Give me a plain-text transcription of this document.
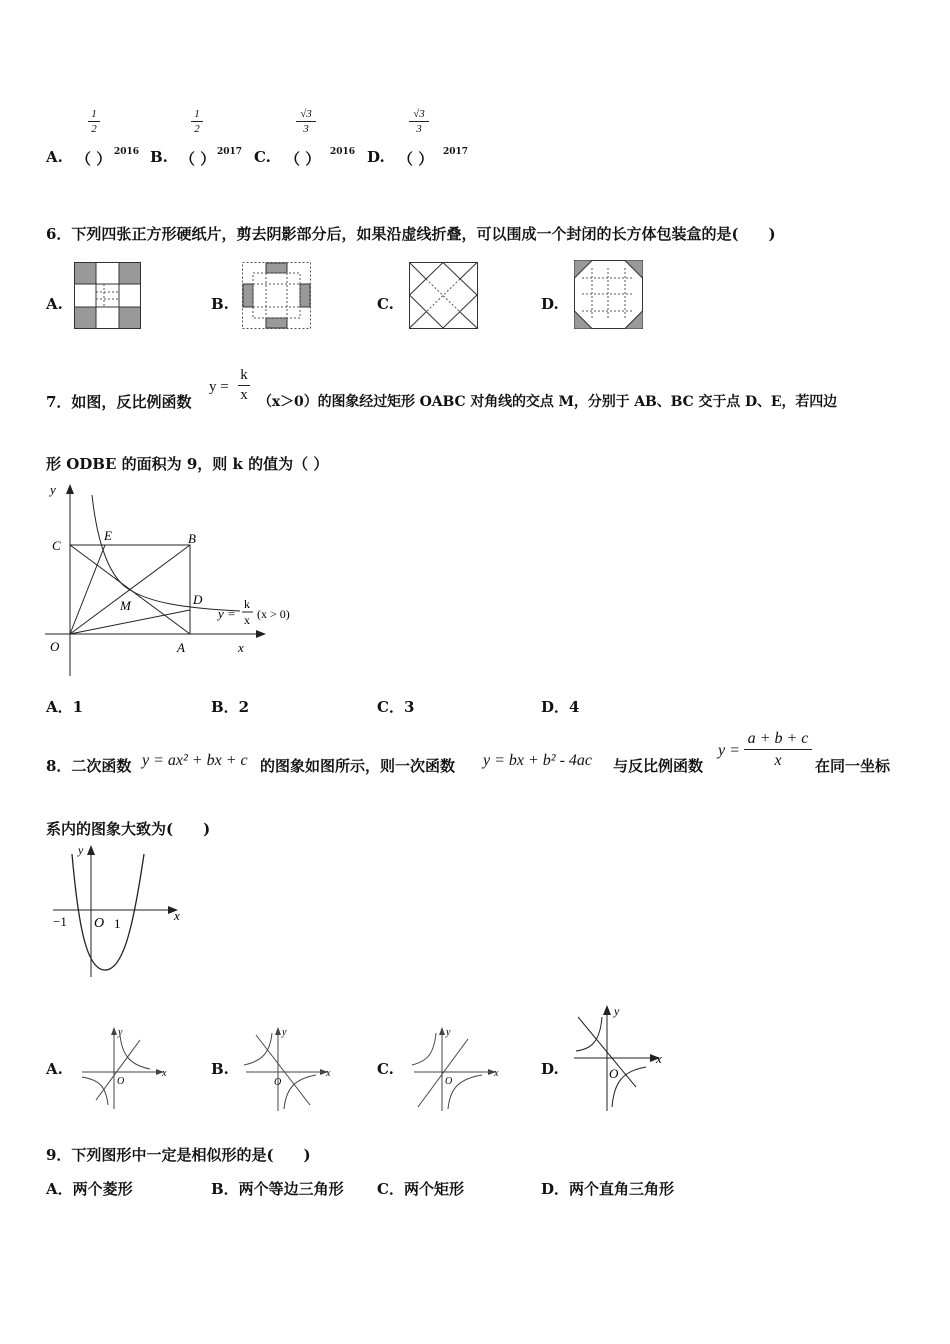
A.
1
2
（ ） 2016 B.
1
2
（ ） 2017 C.
√3
3
（ ） 2016 D.
√3
3
（ ） 2017
6．下列四张正方形硬纸片，剪去阴影部分后，如果沿虚线折叠，可以围成一个封闭的长方体包装盒的是(　　)
A.	B.	C.	D.
7．如图，反比例函数
y =
k
x （x＞0）的图象经过矩形 OABC 对角线的交点 M，分别于 AB、BC 交于点 D、E，若四边
形 ODBE 的面积为 9，则 k 的值为（ ）
y
x
C
E	B
D
M
O	A
y =
k
x (x > 0)
A．1	B．2	C．3	D．4
8．二次函数 y = ax² + bx + c 的图象如图所示，则一次函数 y = bx + b² - 4ac 与反比例函数
y =
a + b + c
x	在同一坐标
系内的图象大致为(　　)
y
x
−1 O 1
A.
y
x
O
B.
y
x
O
C.
y
x
O
D.
y
x
O
9．下列图形中一定是相似形的是(　　)
A．两个菱形	B．两个等边三角形 C．两个矩形	D．两个直角三角形
